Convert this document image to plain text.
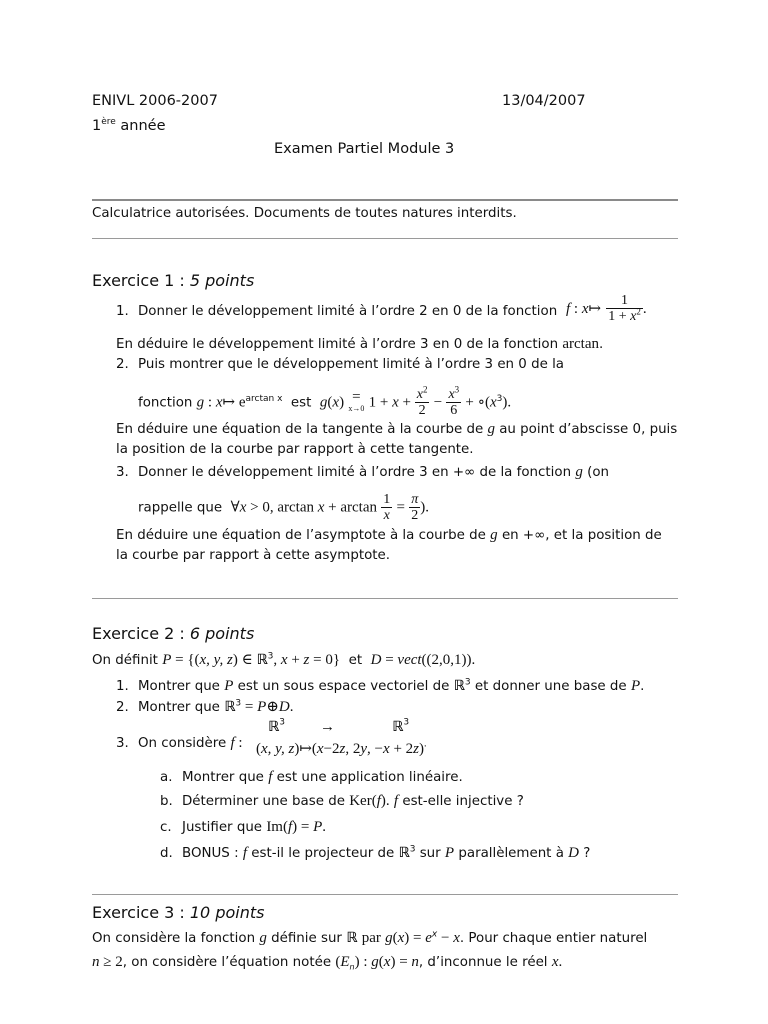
ENIVL 2006-2007	13/04/2007
1ère année
Examen Partiel Module 3
Calculatrice autorisées. Documents de toutes natures interdits.
Exercice 1 : 5 points
1. Donner le développement limité à l’ordre 2 en 0 de la fonction f : x↦ $\frac{1}{1 + x^2}$ .
En déduire le développement limité à l’ordre 3 en 0 de la fonction arctan.
2. Puis montrer que le développement limité à l’ordre 3 en 0 de la
fonction g : x↦ $e^{arctan x}$ est g(x) =
x→0 $1 + x + \frac{x^2}{2} - \frac{x^3}{6}$ + $\circ(x^3)$.
En déduire une équation de la tangente à la courbe de g au point d’abscisse 0, puis
la position de la courbe par rapport à cette tangente.
3. Donner le développement limité à l’ordre 3 en +∞ de la fonction g (on
rappelle que ∀x > 0, $\arctan x + \arctan \frac{1}{x} = \frac{\pi}{2}$ ).
En déduire une équation de l’asymptote à la courbe de g en +∞, et la position de
la courbe par rapport à cette asymptote.
Exercice 2 : 6 points
On définit P = {(x, y, z) ∈ ℝ$^3$, x + z = 0} et D = vect((2,0,1)).
1. Montrer que P est un sous espace vectoriel de ℝ$^3$ et donner une base de P.
2. Montrer que ℝ$^3$ = P⊕D.
3. On considère f :
ℝ$^3$ →	ℝ$^3$
(x, y, z)↦(x−2z, 2y, −x + 2z).
a. Montrer que f est une application linéaire.
b. Déterminer une base de Ker(f). f est-elle injective ?
c. Justifier que Im(f) = P.
d. BONUS : f est-il le projecteur de ℝ$^3$ sur P parallèlement à D ?
Exercice 3 : 10 points
On considère la fonction g définie sur ℝ par $g(x) = e^x - x$. Pour chaque entier naturel
n ≥ 2, on considère l’équation notée $(E_n)$ : g(x) = n, d’inconnue le réel x.
